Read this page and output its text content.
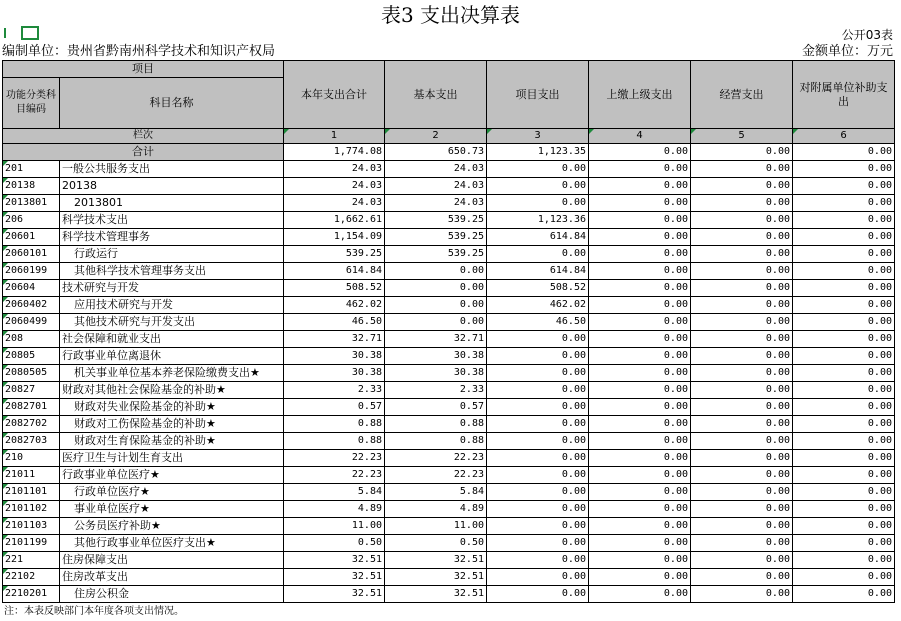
表3 支出决算表
公开03表
编制单位：贵州省黔南州科学技术和知识产权局	金额单位：万元
项目		本年支出合计	基本支出	项目支出	上缴上级支出	经营支出	对附属单位补助支出
功能分类科目编码	科目名称						
栏次		1	2	3	4	5	6
合计		1,774.08	650.73	1,123.35	0.00	0.00	0.00
201	一般公共服务支出	24.03	24.03	0.00	0.00	0.00	0.00
20138	20138	24.03	24.03	0.00	0.00	0.00	0.00
2013801	2013801	24.03	24.03	0.00	0.00	0.00	0.00
206	科学技术支出	1,662.61	539.25	1,123.36	0.00	0.00	0.00
20601	科学技术管理事务	1,154.09	539.25	614.84	0.00	0.00	0.00
2060101	行政运行	539.25	539.25	0.00	0.00	0.00	0.00
2060199	其他科学技术管理事务支出	614.84	0.00	614.84	0.00	0.00	0.00
20604	技术研究与开发	508.52	0.00	508.52	0.00	0.00	0.00
2060402	应用技术研究与开发	462.02	0.00	462.02	0.00	0.00	0.00
2060499	其他技术研究与开发支出	46.50	0.00	46.50	0.00	0.00	0.00
208	社会保障和就业支出	32.71	32.71	0.00	0.00	0.00	0.00
20805	行政事业单位离退休	30.38	30.38	0.00	0.00	0.00	0.00
2080505	机关事业单位基本养老保险缴费支出★	30.38	30.38	0.00	0.00	0.00	0.00
20827	财政对其他社会保险基金的补助★	2.33	2.33	0.00	0.00	0.00	0.00
2082701	财政对失业保险基金的补助★	0.57	0.57	0.00	0.00	0.00	0.00
2082702	财政对工伤保险基金的补助★	0.88	0.88	0.00	0.00	0.00	0.00
2082703	财政对生育保险基金的补助★	0.88	0.88	0.00	0.00	0.00	0.00
210	医疗卫生与计划生育支出	22.23	22.23	0.00	0.00	0.00	0.00
21011	行政事业单位医疗★	22.23	22.23	0.00	0.00	0.00	0.00
2101101	行政单位医疗★	5.84	5.84	0.00	0.00	0.00	0.00
2101102	事业单位医疗★	4.89	4.89	0.00	0.00	0.00	0.00
2101103	公务员医疗补助★	11.00	11.00	0.00	0.00	0.00	0.00
2101199	其他行政事业单位医疗支出★	0.50	0.50	0.00	0.00	0.00	0.00
221	住房保障支出	32.51	32.51	0.00	0.00	0.00	0.00
22102	住房改革支出	32.51	32.51	0.00	0.00	0.00	0.00
2210201	住房公积金	32.51	32.51	0.00	0.00	0.00	0.00
注：本表反映部门本年度各项支出情况。
